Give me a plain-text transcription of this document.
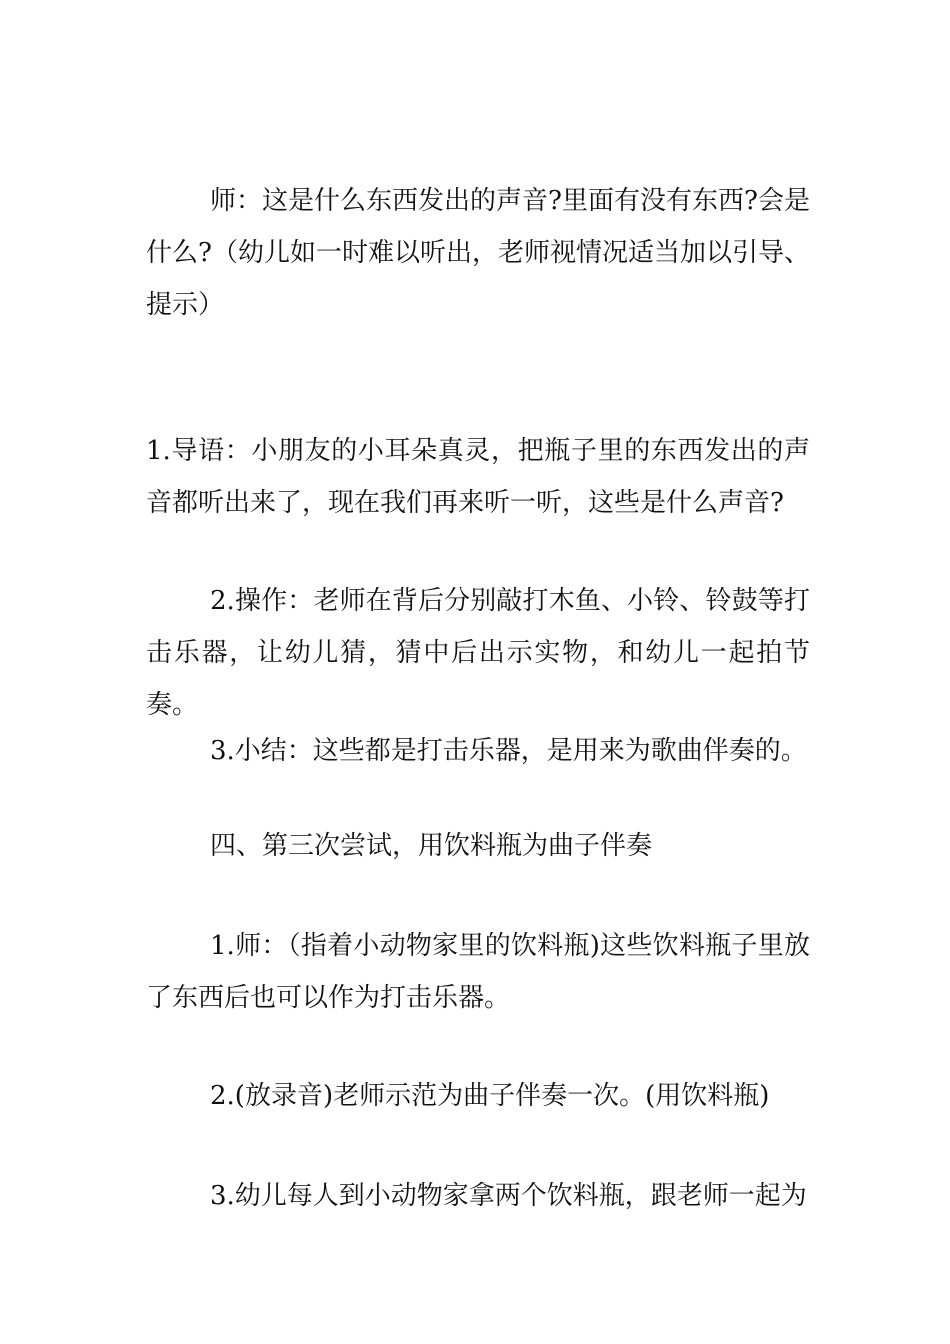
师：这是什么东西发出的声音?里面有没有东西?会是什么?（幼儿如一时难以听出，老师视情况适当加以引导、提示）

1.导语：小朋友的小耳朵真灵，把瓶子里的东西发出的声音都听出来了，现在我们再来听一听，这些是什么声音?

2.操作：老师在背后分别敲打木鱼、小铃、铃鼓等打击乐器，让幼儿猜，猜中后出示实物，和幼儿一起拍节奏。

3.小结：这些都是打击乐器，是用来为歌曲伴奏的。

四、第三次尝试，用饮料瓶为曲子伴奏

1.师：（指着小动物家里的饮料瓶)这些饮料瓶子里放了东西后也可以作为打击乐器。

2.(放录音)老师示范为曲子伴奏一次。(用饮料瓶)

3.幼儿每人到小动物家拿两个饮料瓶，跟老师一起为
